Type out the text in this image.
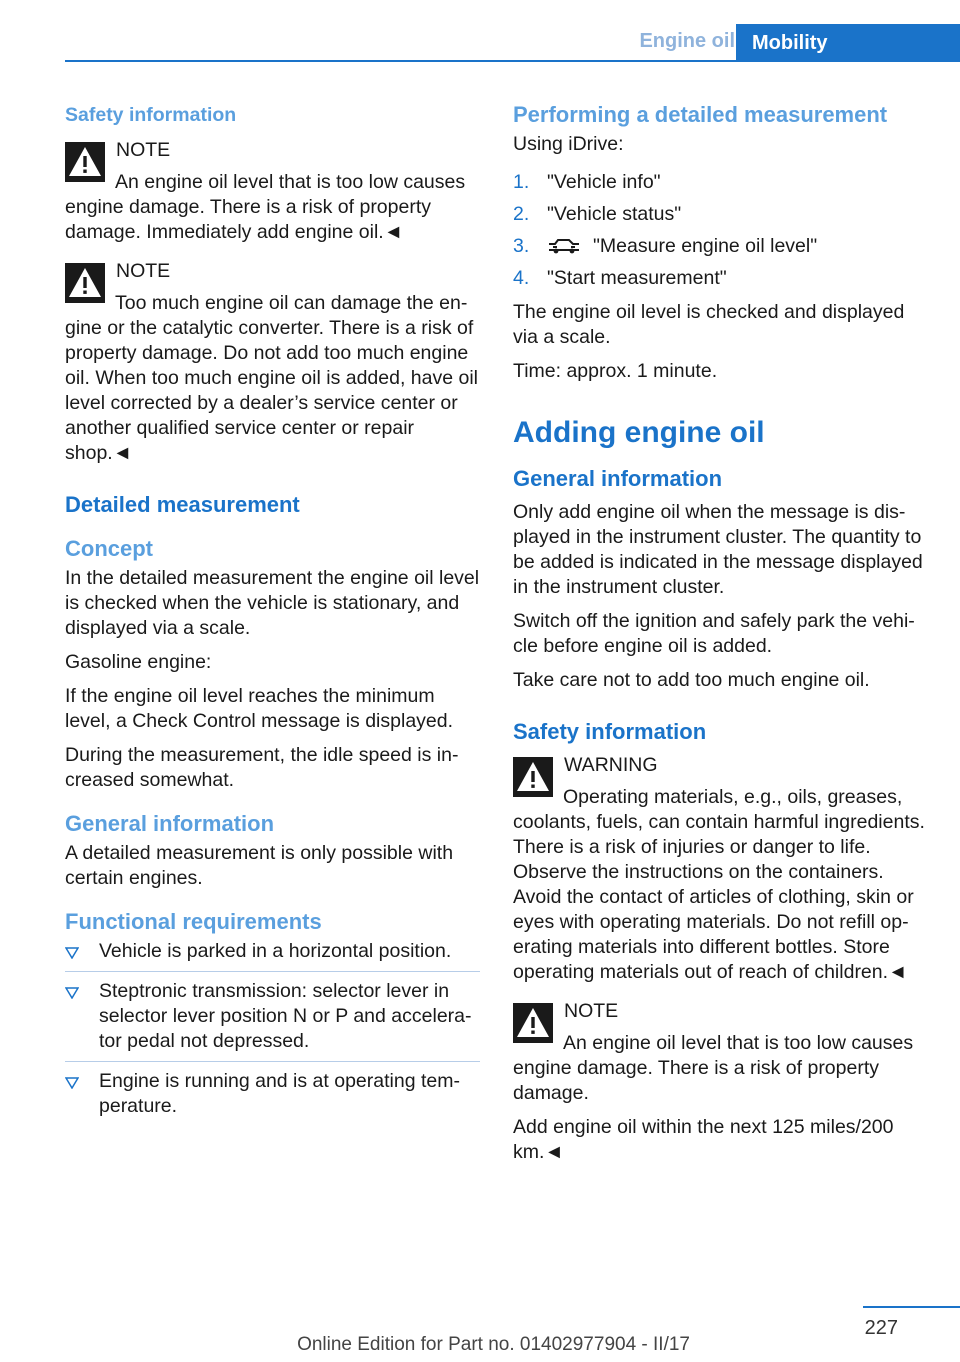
Engine oil Mobility
Safety information
NOTE

An engine oil level that is too low causes engine damage. There is a risk of property damage. Immediately add engine oil.◄

NOTE

Too much engine oil can damage the engine or the catalytic converter. There is a risk of property damage. Do not add too much engine oil. When too much engine oil is added, have oil level corrected by a dealer’s service center or another qualified service center or repair shop.◄

Detailed measurement
Concept

In the detailed measurement the engine oil level is checked when the vehicle is stationary, and displayed via a scale.

Gasoline engine:

If the engine oil level reaches the minimum level, a Check Control message is displayed.

During the measurement, the idle speed is increased somewhat.

General information

A detailed measurement is only possible with certain engines.

Functional requirements
Vehicle is parked in a horizontal position.
Steptronic transmission: selector lever in selector lever position N or P and accelerator pedal not depressed.
Engine is running and is at operating temperature.
Performing a detailed measurement

Using iDrive:

1. "Vehicle info"
2. "Vehicle status"
3.	"Measure engine oil level"
4. "Start measurement"

The engine oil level is checked and displayed via a scale.

Time: approx. 1 minute.

Adding engine oil
General information

Only add engine oil when the message is displayed in the instrument cluster. The quantity to be added is indicated in the message displayed in the instrument cluster.

Switch off the ignition and safely park the vehicle before engine oil is added.

Take care not to add too much engine oil.

Safety information
WARNING

Operating materials, e.g., oils, greases, coolants, fuels, can contain harmful ingredients. There is a risk of injuries or danger to life. Observe the instructions on the containers. Avoid the contact of articles of clothing, skin or eyes with operating materials. Do not refill operating materials into different bottles. Store operating materials out of reach of children.◄

NOTE

An engine oil level that is too low causes engine damage. There is a risk of property damage.

Add engine oil within the next 125 miles/200 km.◄

227
Online Edition for Part no. 01402977904 - II/17
